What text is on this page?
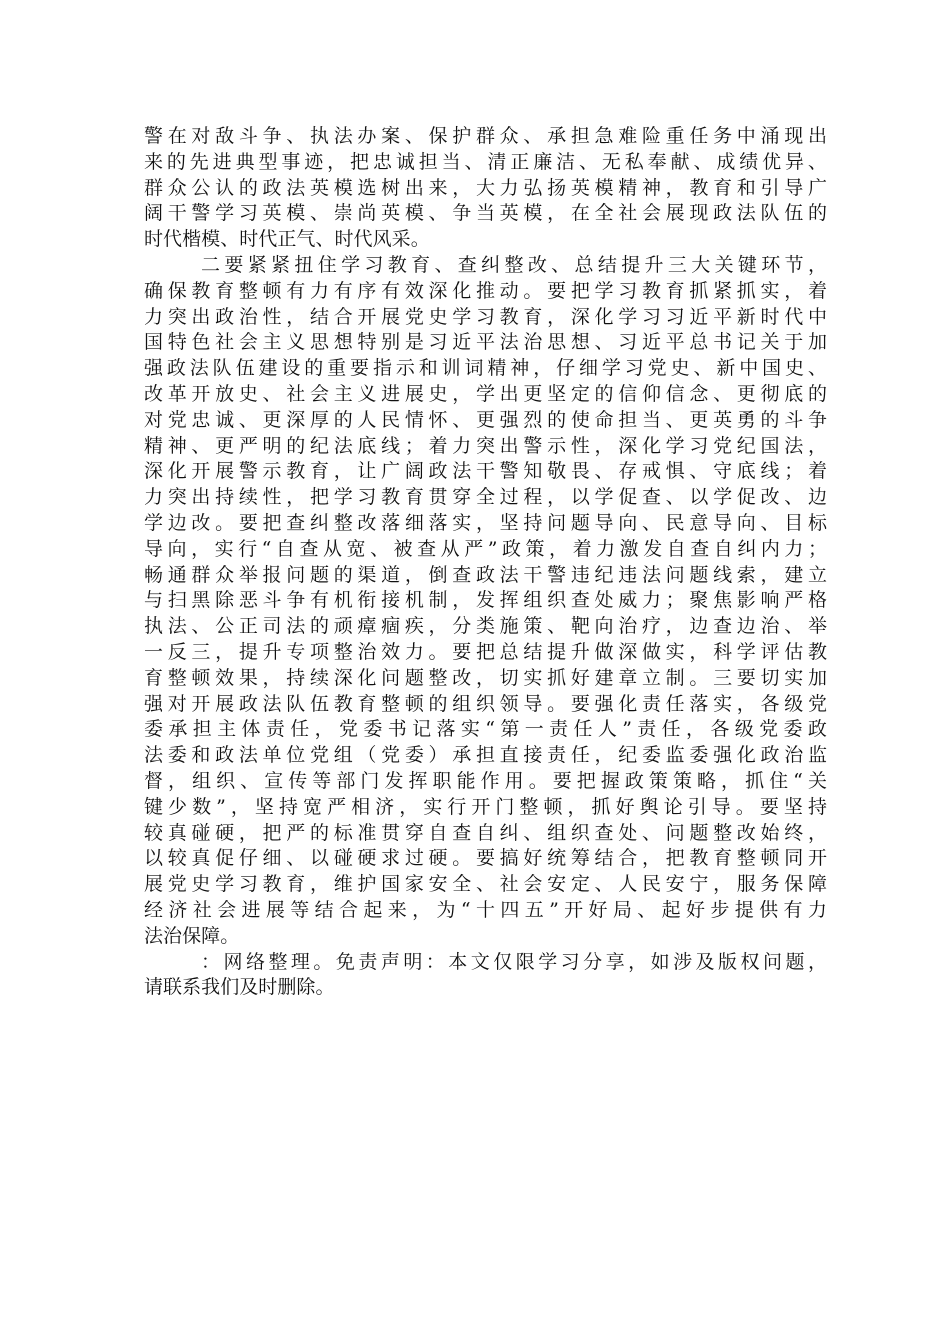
警在对敌斗争、执法办案、保护群众、承担急难险重任务中涌现出
来的先进典型事迹，把忠诚担当、清正廉洁、无私奉献、成绩优异、
群众公认的政法英模选树出来，大力弘扬英模精神，教育和引导广
阔干警学习英模、崇尚英模、争当英模，在全社会展现政法队伍的
时代楷模、时代正气、时代风采。
二要紧紧扭住学习教育、查纠整改、总结提升三大关键环节，
确保教育整顿有力有序有效深化推动。要把学习教育抓紧抓实，着
力突出政治性，结合开展党史学习教育，深化学习习近平新时代中
国特色社会主义思想特别是习近平法治思想、习近平总书记关于加
强政法队伍建设的重要指示和训词精神，仔细学习党史、新中国史、
改革开放史、社会主义进展史，学出更坚定的信仰信念、更彻底的
对党忠诚、更深厚的人民情怀、更强烈的使命担当、更英勇的斗争
精神、更严明的纪法底线；着力突出警示性，深化学习党纪国法，
深化开展警示教育，让广阔政法干警知敬畏、存戒惧、守底线；着
力突出持续性，把学习教育贯穿全过程，以学促查、以学促改、边
学边改。要把查纠整改落细落实，坚持问题导向、民意导向、目标
导向，实行“自查从宽、被查从严”政策，着力激发自查自纠内力；
畅通群众举报问题的渠道，倒查政法干警违纪违法问题线索，建立
与扫黑除恶斗争有机衔接机制，发挥组织查处威力；聚焦影响严格
执法、公正司法的顽瘴痼疾，分类施策、靶向治疗，边查边治、举
一反三，提升专项整治效力。要把总结提升做深做实，科学评估教
育整顿效果，持续深化问题整改，切实抓好建章立制。三要切实加
强对开展政法队伍教育整顿的组织领导。要强化责任落实，各级党
委承担主体责任，党委书记落实“第一责任人”责任，各级党委政
法委和政法单位党组（党委）承担直接责任，纪委监委强化政治监
督，组织、宣传等部门发挥职能作用。要把握政策策略，抓住“关
键少数”，坚持宽严相济，实行开门整顿，抓好舆论引导。要坚持
较真碰硬，把严的标准贯穿自查自纠、组织查处、问题整改始终，
以较真促仔细、以碰硬求过硬。要搞好统筹结合，把教育整顿同开
展党史学习教育，维护国家安全、社会安定、人民安宁，服务保障
经济社会进展等结合起来，为“十四五”开好局、起好步提供有力
法治保障。
：网络整理。免责声明：本文仅限学习分享，如涉及版权问题，
请联系我们及时删除。
